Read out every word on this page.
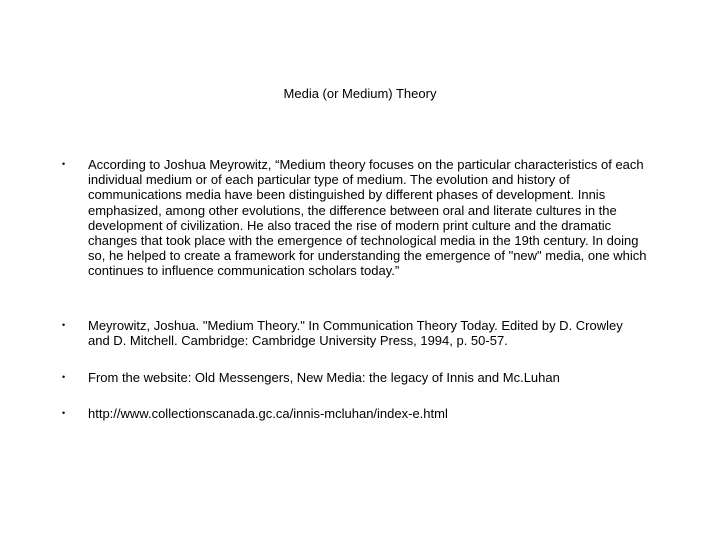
Media (or Medium) Theory
• According to Joshua Meyrowitz, “Medium theory focuses on the particular characteristics of each individual medium or of each particular type of medium. The evolution and history of communications media have been distinguished by different phases of development. Innis emphasized, among other evolutions, the difference between oral and literate cultures in the development of civilization. He also traced the rise of modern print culture and the dramatic changes that took place with the emergence of technological media in the 19th century. In doing so, he helped to create a framework for understanding the emergence of "new" media, one which continues to influence communication scholars today.”
• Meyrowitz, Joshua. "Medium Theory." In Communication Theory Today. Edited by D. Crowley and D. Mitchell. Cambridge: Cambridge University Press, 1994, p. 50-57.
• From the website: Old Messengers, New Media: the legacy of Innis and Mc.Luhan
• http://www.collectionscanada.gc.ca/innis-mcluhan/index-e.html
